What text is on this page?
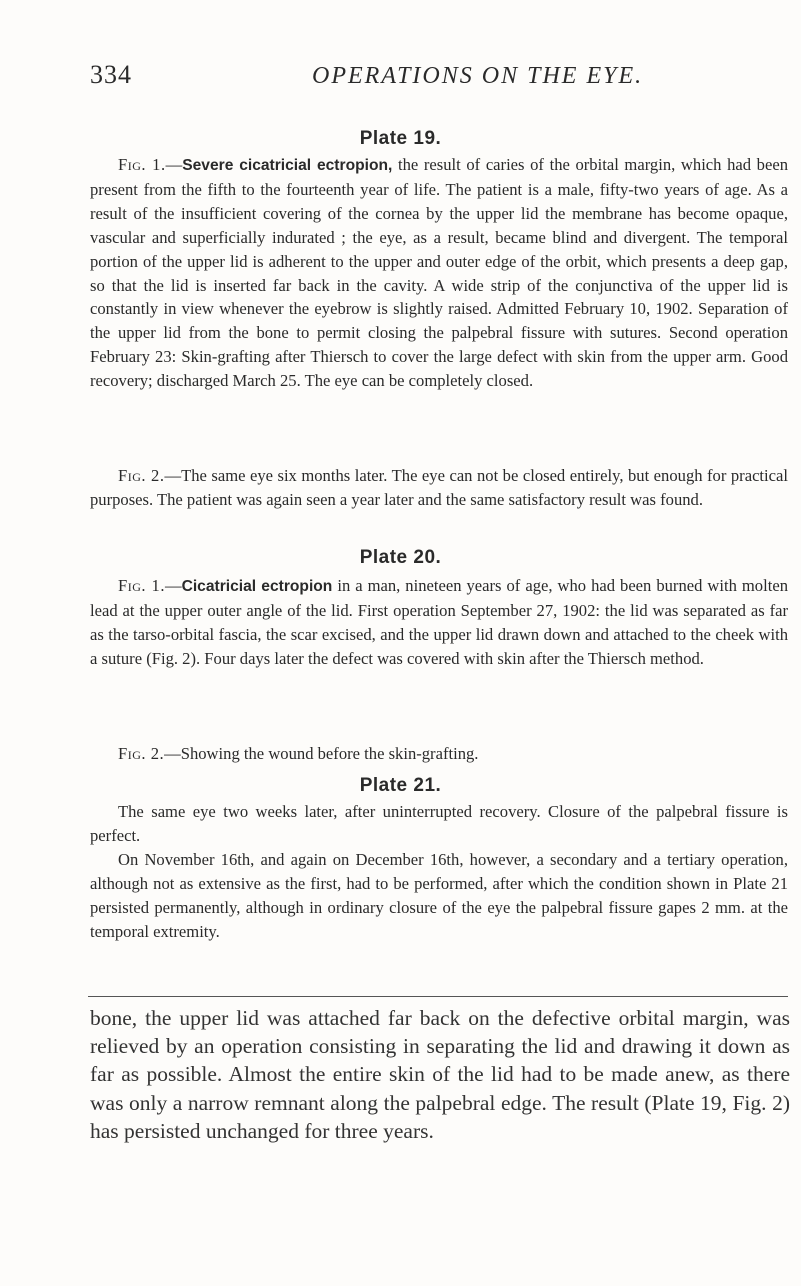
334	OPERATIONS ON THE EYE.
Plate 19.

Fig. 1.—Severe cicatricial ectropion, the result of caries of the orbital margin, which had been present from the fifth to the fourteenth year of life. The patient is a male, fifty-two years of age. As a result of the insufficient covering of the cornea by the upper lid the membrane has become opaque, vascular and superficially indurated ; the eye, as a result, became blind and divergent. The temporal portion of the upper lid is adherent to the upper and outer edge of the orbit, which presents a deep gap, so that the lid is inserted far back in the cavity. A wide strip of the conjunctiva of the upper lid is constantly in view whenever the eyebrow is slightly raised. Admitted February 10, 1902. Separation of the upper lid from the bone to permit closing the palpebral fissure with sutures. Second operation February 23: Skin-grafting after Thiersch to cover the large defect with skin from the upper arm. Good recovery; discharged March 25. The eye can be completely closed.

Fig. 2.—The same eye six months later. The eye can not be closed entirely, but enough for practical purposes. The patient was again seen a year later and the same satisfactory result was found.

Plate 20.

Fig. 1.—Cicatricial ectropion in a man, nineteen years of age, who had been burned with molten lead at the upper outer angle of the lid. First operation September 27, 1902: the lid was separated as far as the tarso-orbital fascia, the scar excised, and the upper lid drawn down and attached to the cheek with a suture (Fig. 2). Four days later the defect was covered with skin after the Thiersch method.

Fig. 2.—Showing the wound before the skin-grafting.

Plate 21.

The same eye two weeks later, after uninterrupted recovery. Closure of the palpebral fissure is perfect.

On November 16th, and again on December 16th, however, a secondary and a tertiary operation, although not as extensive as the first, had to be performed, after which the condition shown in Plate 21 persisted permanently, although in ordinary closure of the eye the palpebral fissure gapes 2 mm. at the temporal extremity.

bone, the upper lid was attached far back on the defective orbital margin, was relieved by an operation consisting in separating the lid and drawing it down as far as possible. Almost the entire skin of the lid had to be made anew, as there was only a narrow remnant along the palpebral edge. The result (Plate 19, Fig. 2) has persisted unchanged for three years.
